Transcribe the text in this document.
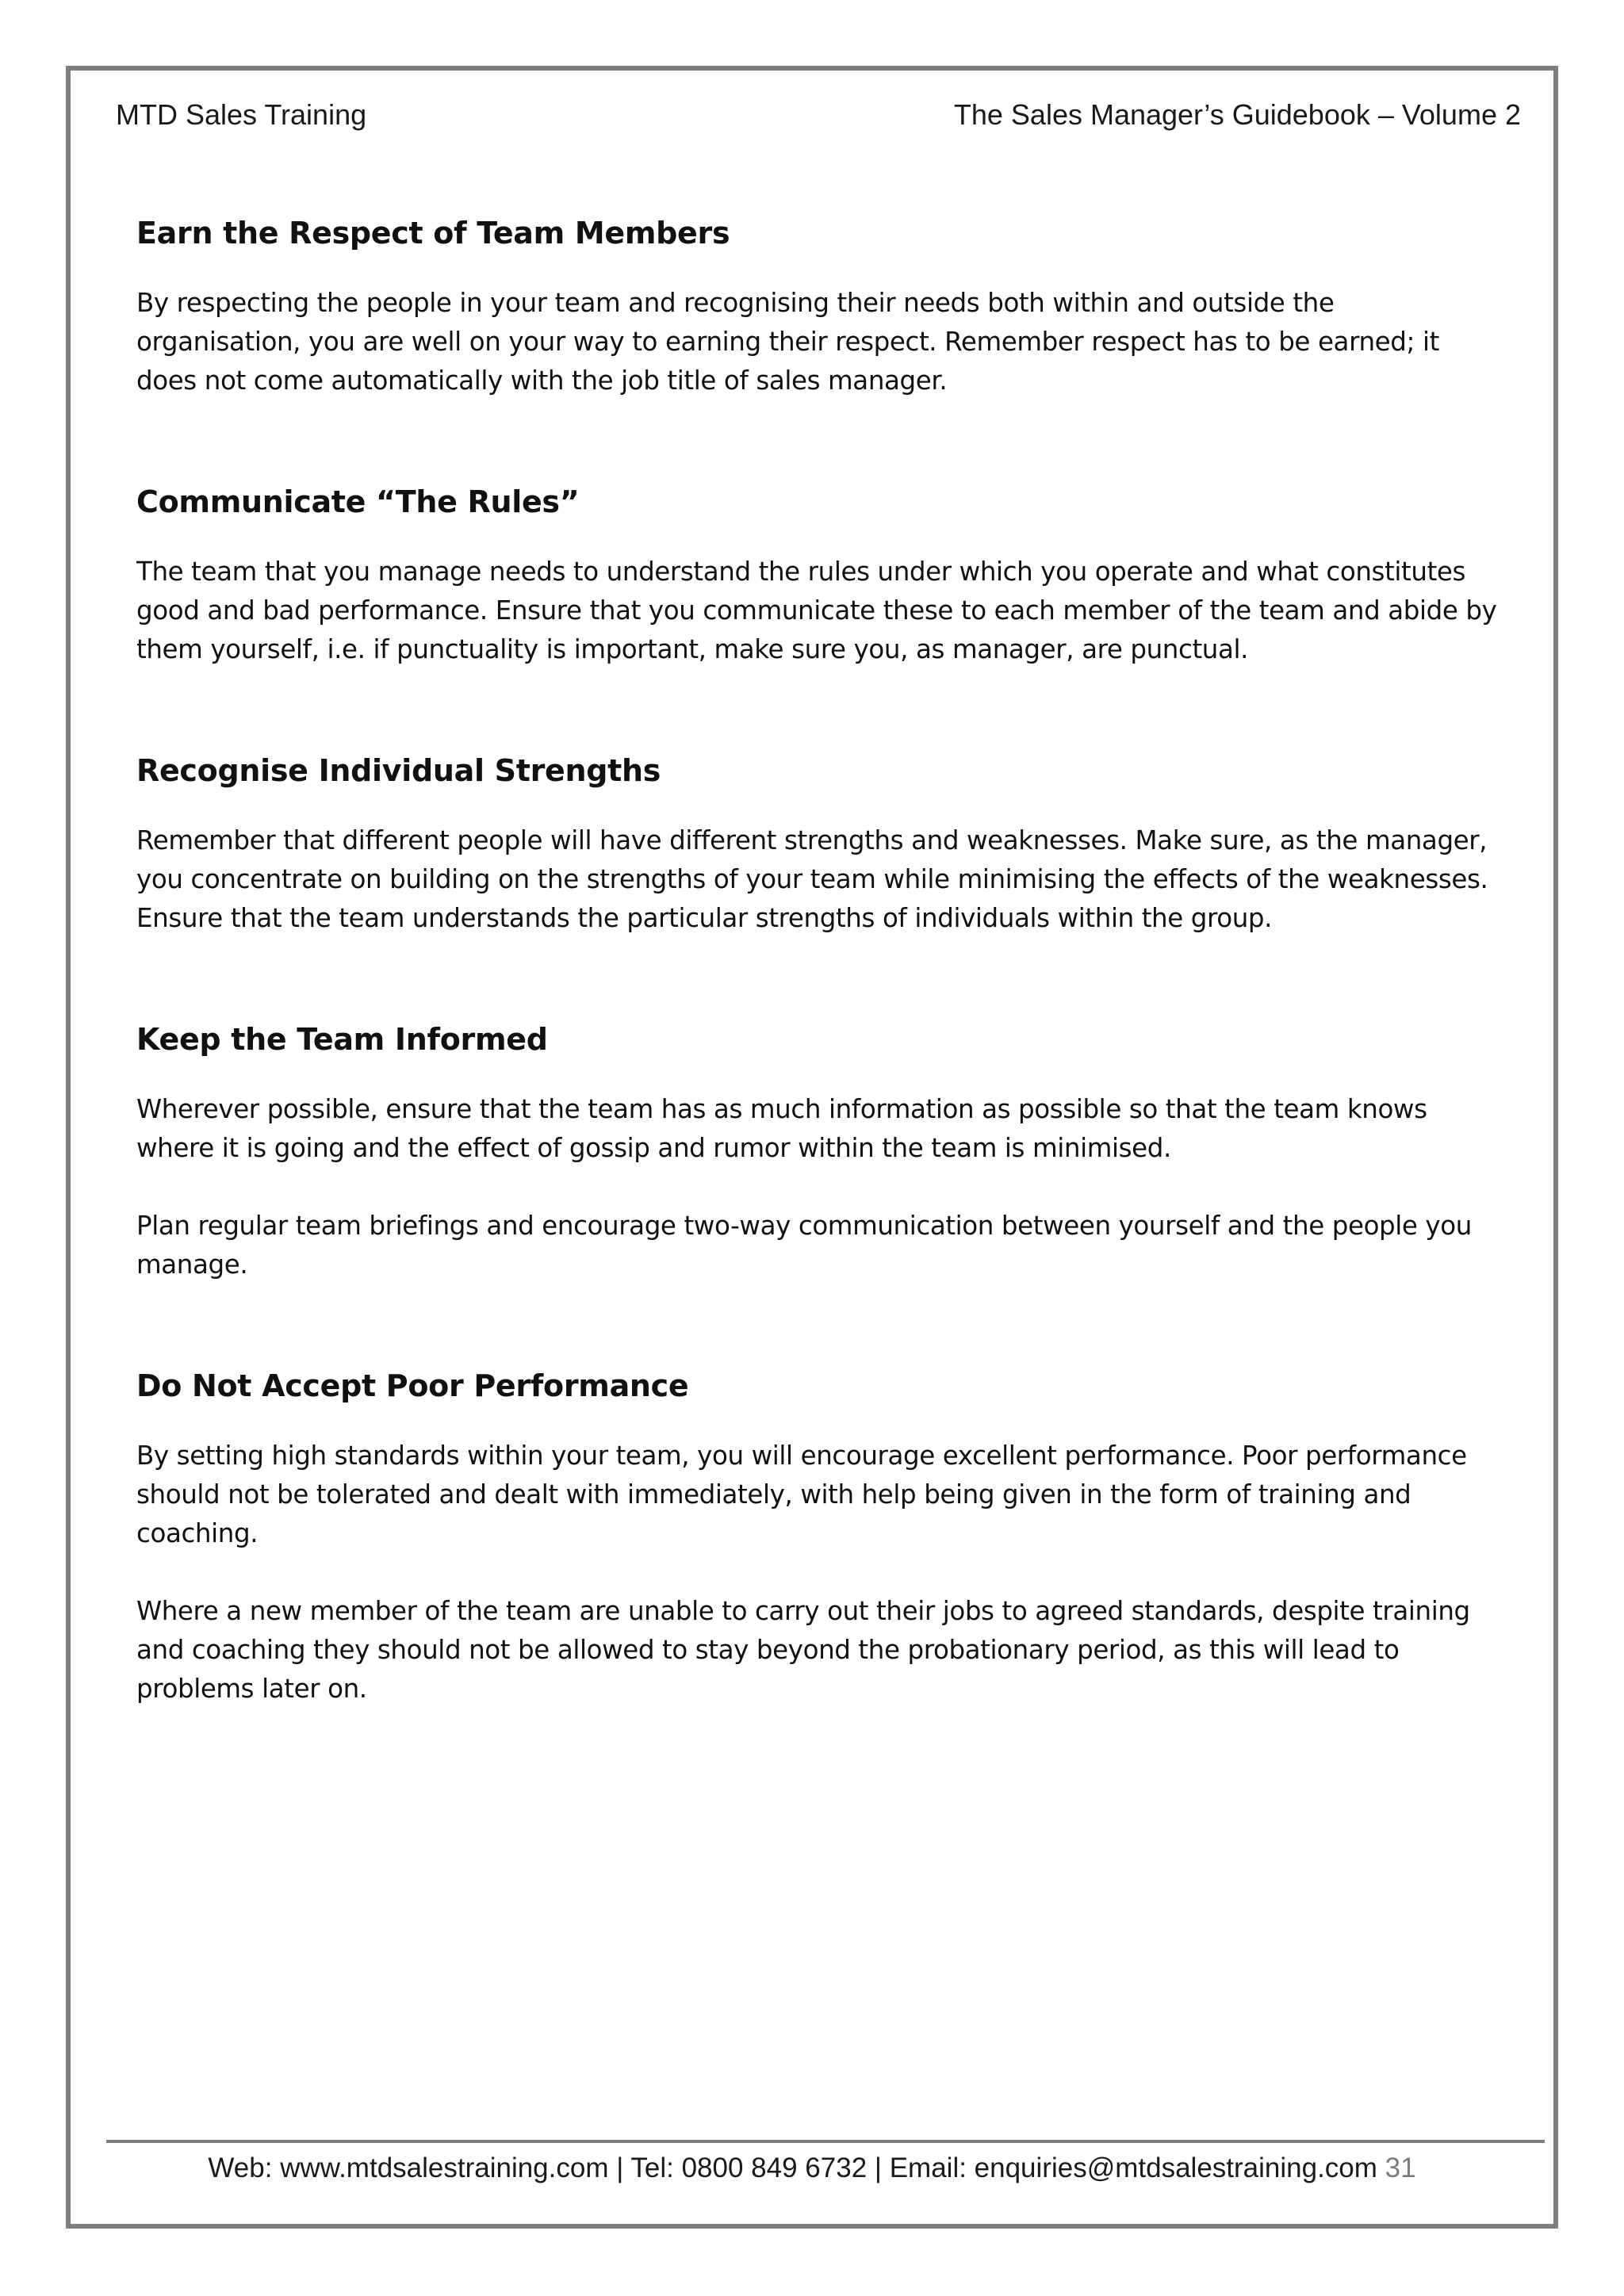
MTD Sales Training	The Sales Manager’s Guidebook – Volume 2
Earn the Respect of Team Members

By respecting the people in your team and recognising their needs both within and outside the organisation, you are well on your way to earning their respect. Remember respect has to be earned; it does not come automatically with the job title of sales manager.

Communicate “The Rules”

The team that you manage needs to understand the rules under which you operate and what constitutes good and bad performance. Ensure that you communicate these to each member of the team and abide by them yourself, i.e. if punctuality is important, make sure you, as manager, are punctual.

Recognise Individual Strengths

Remember that different people will have different strengths and weaknesses. Make sure, as the manager, you concentrate on building on the strengths of your team while minimising the effects of the weaknesses. Ensure that the team understands the particular strengths of individuals within the group.

Keep the Team Informed

Wherever possible, ensure that the team has as much information as possible so that the team knows where it is going and the effect of gossip and rumor within the team is minimised.

Plan regular team briefings and encourage two-way communication between yourself and the people you manage.

Do Not Accept Poor Performance

By setting high standards within your team, you will encourage excellent performance. Poor performance should not be tolerated and dealt with immediately, with help being given in the form of training and coaching.

Where a new member of the team are unable to carry out their jobs to agreed standards, despite training and coaching they should not be allowed to stay beyond the probationary period, as this will lead to problems later on.

Web: www.mtdsalestraining.com | Tel: 0800 849 6732 | Email: enquiries@mtdsalestraining.com 31
